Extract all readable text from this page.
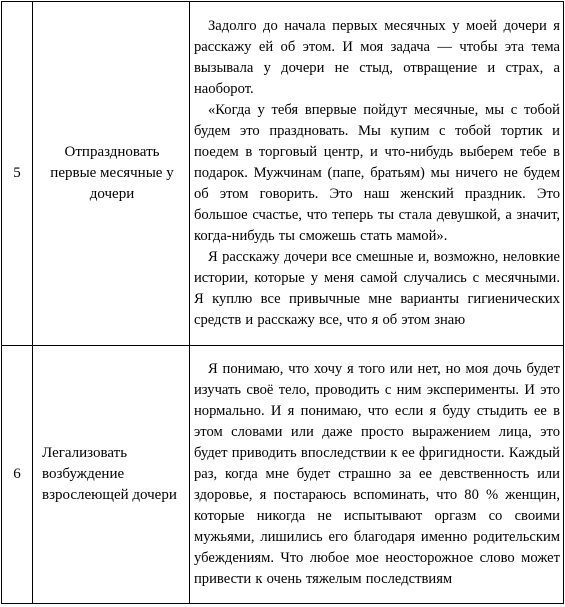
5	Отпраздновать первые месячные у дочери	Задолго до начала первых месячных у моей дочери я расскажу ей об этом. И моя задача — чтобы эта тема вызывала у дочери не стыд, отвращение и страх, а наоборот.

«Когда у тебя впервые пойдут месячные, мы с тобой будем это праздновать. Мы купим с тобой тортик и поедем в торговый центр, и что-нибудь выберем тебе в подарок. Мужчинам (папе, братьям) мы ничего не будем об этом говорить. Это наш женский праздник. Это большое счастье, что теперь ты стала девушкой, а значит, когда-нибудь ты сможешь стать мамой».

Я расскажу дочери все смешные и, возможно, неловкие истории, которые у меня самой случались с месячными. Я куплю все привычные мне варианты гигиенических средств и расскажу все, что я об этом знаю

6	Легализовать возбуждение взрослеющей дочери	Я понимаю, что хочу я того или нет, но моя дочь будет изучать своё тело, проводить с ним эксперименты. И это нормально. И я понимаю, что если я буду стыдить ее в этом словами или даже просто выражением лица, это будет приводить впоследствии к ее фригидности. Каждый раз, когда мне будет страшно за ее девственность или здоровье, я постараюсь вспоминать, что 80 % женщин, которые никогда не испытывают оргазм со своими мужьями, лишились его благодаря именно родительским убеждениям. Что любое мое неосторожное слово может привести к очень тяжелым последствиям
